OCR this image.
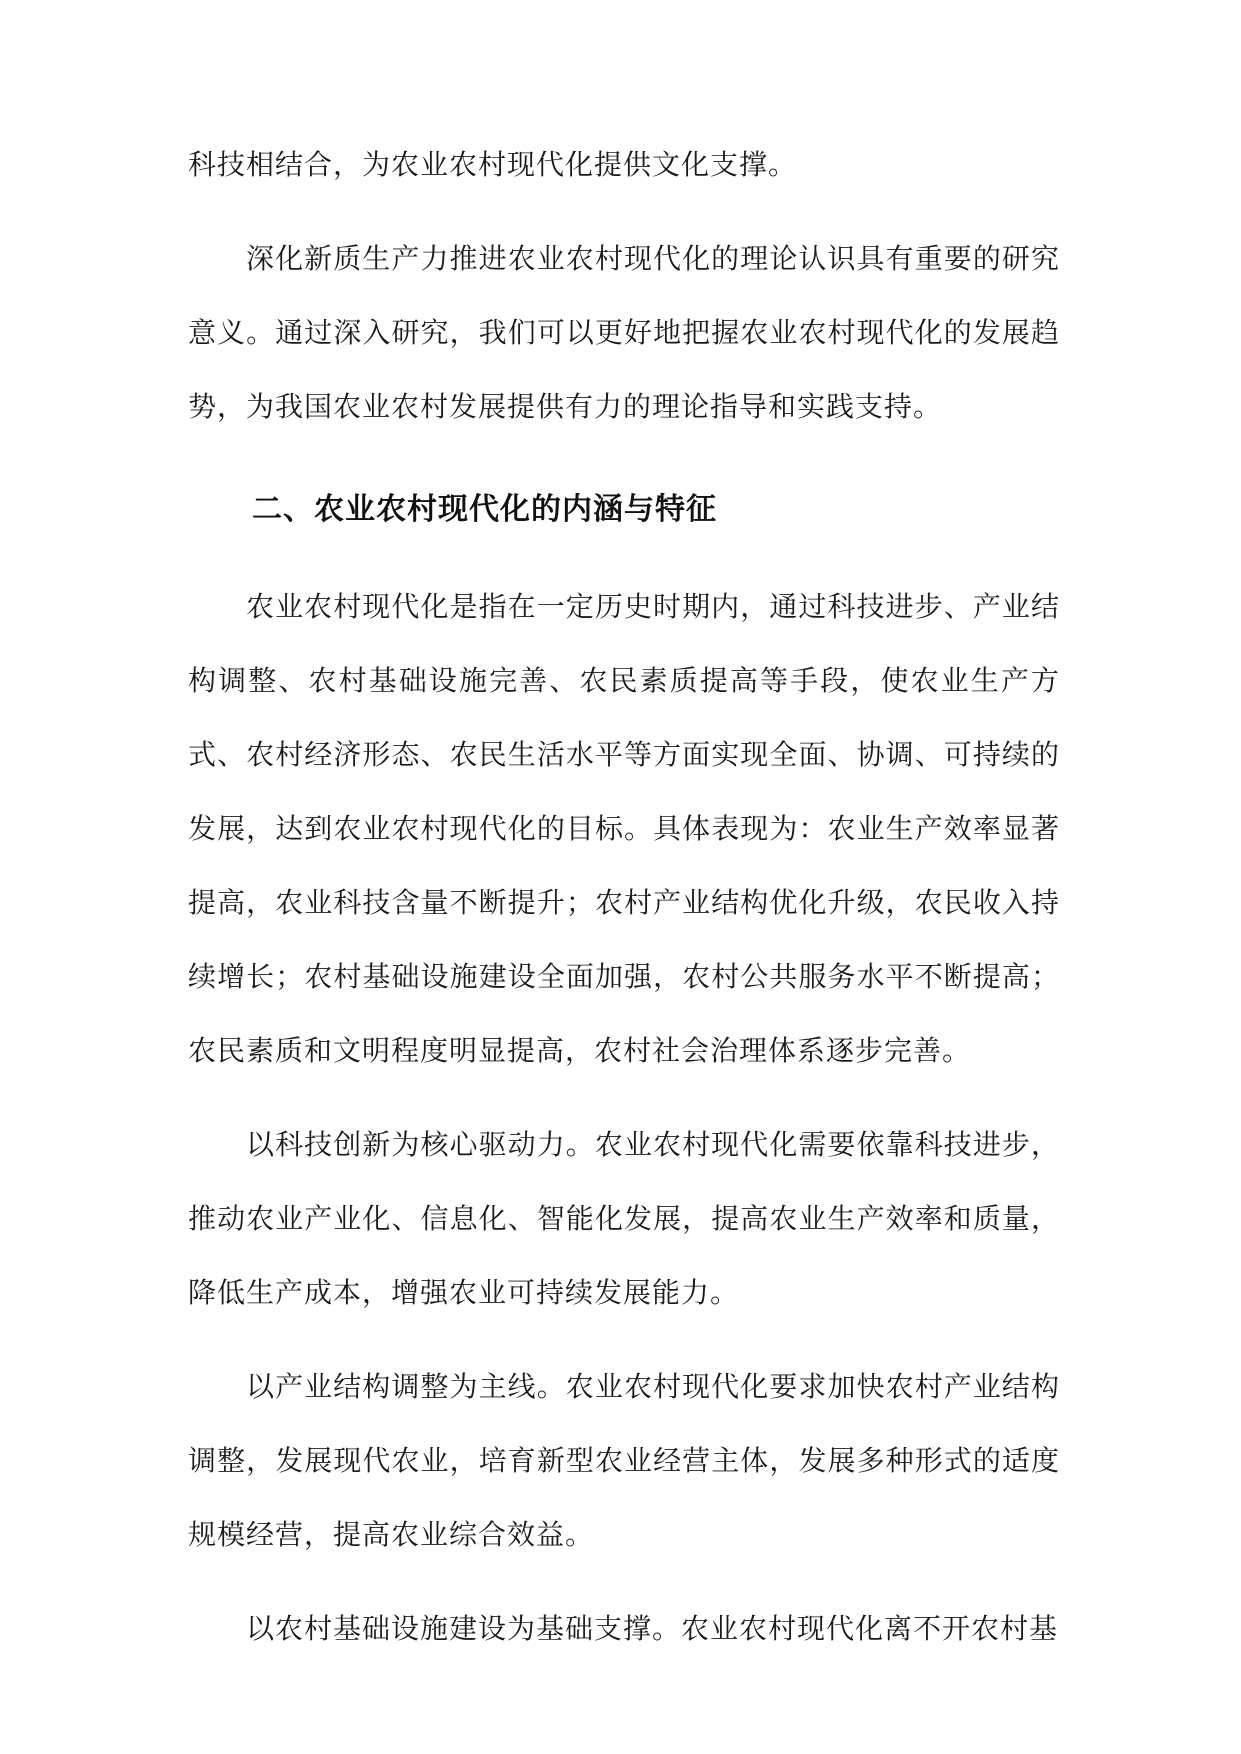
科技相结合，为农业农村现代化提供文化支撑。

深化新质生产力推进农业农村现代化的理论认识具有重要的研究意义。通过深入研究，我们可以更好地把握农业农村现代化的发展趋势，为我国农业农村发展提供有力的理论指导和实践支持。

二、农业农村现代化的内涵与特征

农业农村现代化是指在一定历史时期内，通过科技进步、产业结构调整、农村基础设施完善、农民素质提高等手段，使农业生产方式、农村经济形态、农民生活水平等方面实现全面、协调、可持续的发展，达到农业农村现代化的目标。具体表现为：农业生产效率显著提高，农业科技含量不断提升；农村产业结构优化升级，农民收入持续增长；农村基础设施建设全面加强，农村公共服务水平不断提高；农民素质和文明程度明显提高，农村社会治理体系逐步完善。

以科技创新为核心驱动力。农业农村现代化需要依靠科技进步，推动农业产业化、信息化、智能化发展，提高农业生产效率和质量，降低生产成本，增强农业可持续发展能力。

以产业结构调整为主线。农业农村现代化要求加快农村产业结构调整，发展现代农业，培育新型农业经营主体，发展多种形式的适度规模经营，提高农业综合效益。

以农村基础设施建设为基础支撑。农业农村现代化离不开农村基
